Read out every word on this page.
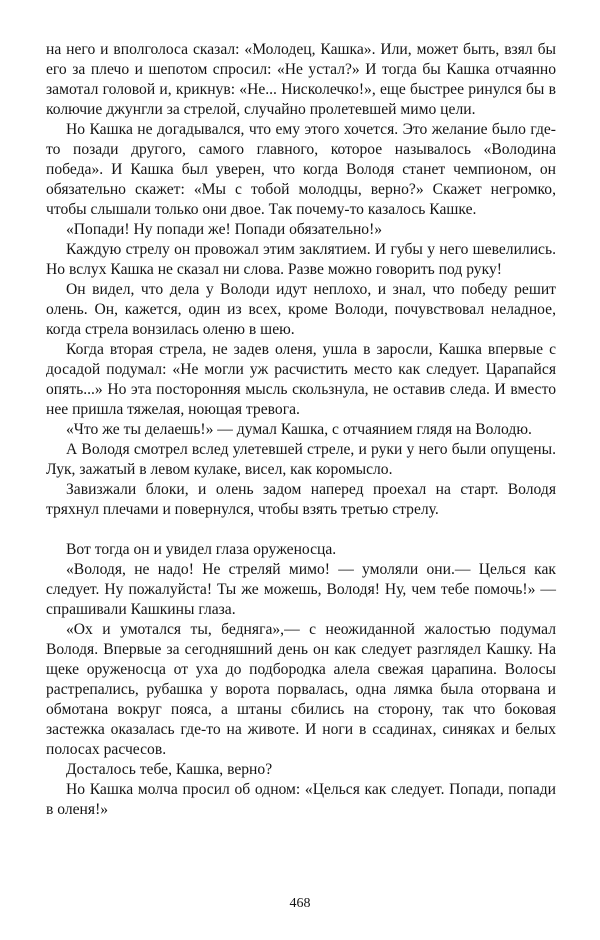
на него и вполголоса сказал: «Молодец, Кашка». Или, может быть, взял бы его за плечо и шепотом спросил: «Не устал?» И тогда бы Кашка отчаянно замотал головой и, крикнув: «Не... Нисколечко!», еще быстрее ринулся бы в колючие джунгли за стрелой, случайно пролетевшей мимо цели.

Но Кашка не догадывался, что ему этого хочется. Это желание было где-то позади другого, самого главного, которое называлось «Володина победа». И Кашка был уверен, что когда Володя станет чемпионом, он обязательно скажет: «Мы с тобой молодцы, верно?» Скажет негромко, чтобы слышали только они двое. Так почему-то казалось Кашке.

«Попади! Ну попади же! Попади обязательно!»

Каждую стрелу он провожал этим заклятием. И губы у него шевелились. Но вслух Кашка не сказал ни слова. Разве можно говорить под руку!

Он видел, что дела у Володи идут неплохо, и знал, что победу решит олень. Он, кажется, один из всех, кроме Володи, почувствовал неладное, когда стрела вонзилась оленю в шею.

Когда вторая стрела, не задев оленя, ушла в заросли, Кашка впервые с досадой подумал: «Не могли уж расчистить место как следует. Царапайся опять...» Но эта посторонняя мысль скользнула, не оставив следа. И вместо нее пришла тяжелая, ноющая тревога.

«Что же ты делаешь!» — думал Кашка, с отчаянием глядя на Володю.

А Володя смотрел вслед улетевшей стреле, и руки у него были опущены. Лук, зажатый в левом кулаке, висел, как коромысло.

Завизжали блоки, и олень задом наперед проехал на старт. Володя тряхнул плечами и повернулся, чтобы взять третью стрелу.

Вот тогда он и увидел глаза оруженосца.

«Володя, не надо! Не стреляй мимо! — умоляли они.— Целься как следует. Ну пожалуйста! Ты же можешь, Володя! Ну, чем тебе помочь!» — спрашивали Кашкины глаза.

«Ох и умотался ты, бедняга»,— с неожиданной жалостью подумал Володя. Впервые за сегодняшний день он как следует разглядел Кашку. На щеке оруженосца от уха до подбородка алела свежая царапина. Волосы растрепались, рубашка у ворота порвалась, одна лямка была оторвана и обмотана вокруг пояса, а штаны сбились на сторону, так что боковая застежка оказалась где-то на животе. И ноги в ссадинах, синяках и белых полосах расчесов.

Досталось тебе, Кашка, верно?

Но Кашка молча просил об одном: «Целься как следует. Попади, попади в оленя!»

468
